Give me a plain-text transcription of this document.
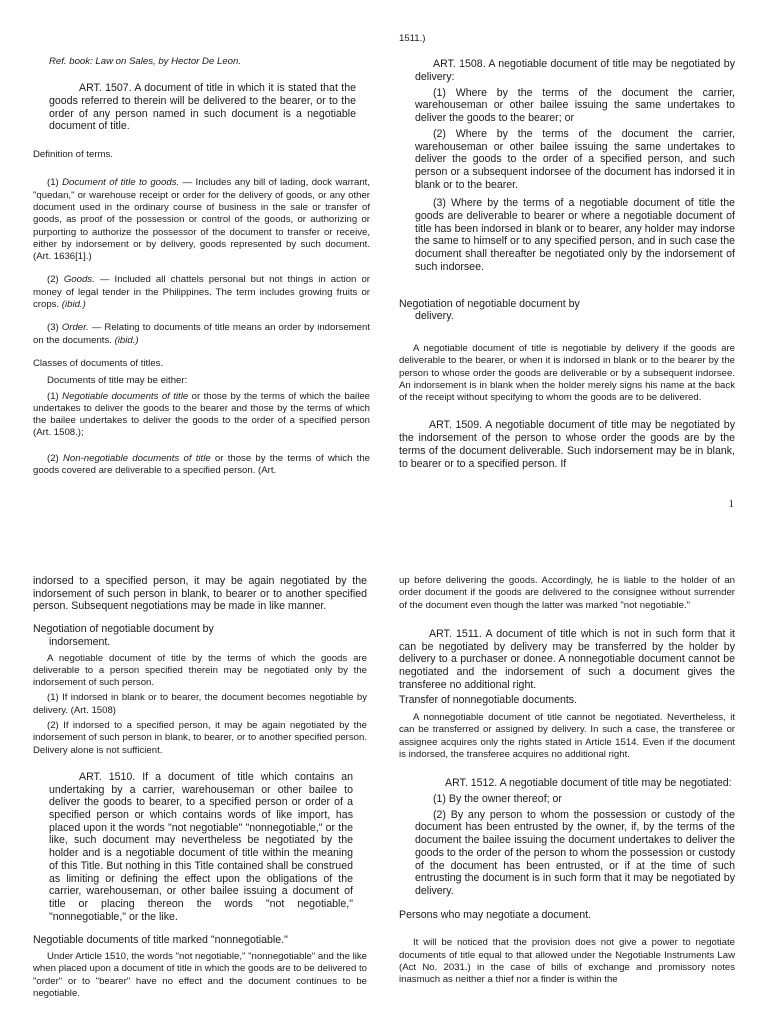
Ref. book: Law on Sales, by Hector De Leon.

ART. 1507. A document of title in which it is stated that the goods referred to therein will be delivered to the bearer, or to the order of any person named in such document is a negotiable document of title.

Definition of terms.

(1) Document of title to goods. — Includes any bill of lading, dock warrant, "quedan," or warehouse receipt or order for the delivery of goods, or any other document used in the ordinary course of business in the sale or transfer of goods, as proof of the possession or control of the goods, or authorizing or purporting to authorize the possessor of the document to transfer or receive, either by indorsement or by delivery, goods represented by such document. (Art. 1636[1].)

(2) Goods. — Included all chattels personal but not things in action or money of legal tender in the Philippines. The term includes growing fruits or crops. (ibid.)

(3) Order. — Relating to documents of title means an order by indorsement on the documents. (ibid.)

Classes of documents of titles.

Documents of title may be either:

(1) Negotiable documents of title or those by the terms of which the bailee undertakes to deliver the goods to the bearer and those by the terms of which the bailee undertakes to deliver the goods to the order of a specified person (Art. 1508.);

(2) Non-negotiable documents of title or those by the terms of which the goods covered are deliverable to a specified person. (Art.

1511.)

ART. 1508. A negotiable document of title may be negotiated by delivery:

(1) Where by the terms of the document the carrier, warehouseman or other bailee issuing the same undertakes to deliver the goods to the bearer; or

(2) Where by the terms of the document the carrier, warehouseman or other bailee issuing the same undertakes to deliver the goods to the order of a specified person, and such person or a subsequent indorsee of the document has indorsed it in blank or to the bearer.

(3) Where by the terms of a negotiable document of title the goods are deliverable to bearer or where a negotiable document of title has been indorsed in blank or to bearer, any holder may indorse the same to himself or to any specified person, and in such case the document shall thereafter be negotiated only by the indorsement of such indorsee.

Negotiation of negotiable document by
delivery.

A negotiable document of title is negotiable by delivery if the goods are deliverable to the bearer, or when it is indorsed in blank or to the bearer by the person to whose order the goods are deliverable or by a subsequent indorsee. An indorsement is in blank when the holder merely signs his name at the back of the receipt without specifying to whom the goods are to be delivered.

ART. 1509. A negotiable document of title may be negotiated by the indorsement of the person to whose order the goods are by the terms of the document deliverable. Such indorsement may be in blank, to bearer or to a specified person. If

1

indorsed to a specified person, it may be again negotiated by the indorsement of such person in blank, to bearer or to another specified person. Subsequent negotiations may be made in like manner.

Negotiation of negotiable document by
indorsement.

A negotiable document of title by the terms of which the goods are deliverable to a person specified therein may be negotiated only by the indorsement of such person.

(1) If indorsed in blank or to bearer, the document becomes negotiable by delivery. (Art. 1508)

(2) If indorsed to a specified person, it may be again negotiated by the indorsement of such person in blank, to bearer, or to another specified person. Delivery alone is not sufficient.

ART. 1510. If a document of title which contains an undertaking by a carrier, warehouseman or other bailee to deliver the goods to bearer, to a specified person or order of a specified person or which contains words of like import, has placed upon it the words "not negotiable" "nonnegotiable," or the like, such document may nevertheless be negotiated by the holder and is a negotiable document of title within the meaning of this Title. But nothing in this Title contained shall be construed as limiting or defining the effect upon the obligations of the carrier, warehouseman, or other bailee issuing a document of title or placing thereon the words "not negotiable," "nonnegotiable," or the like.

Negotiable documents of title marked "nonnegotiable."

Under Article 1510, the words "not negotiable," "nonnegotiable" and the like when placed upon a document of title in which the goods are to be delivered to "order" or to "bearer" have no effect and the document continues to be negotiable.

up before delivering the goods. Accordingly, he is liable to the holder of an order document if the goods are delivered to the consignee without surrender of the document even though the latter was marked "not negotiable."

ART. 1511. A document of title which is not in such form that it can be negotiated by delivery may be transferred by the holder by delivery to a purchaser or donee. A nonnegotiable document cannot be negotiated and the indorsement of such a document gives the transferee no additional right.

Transfer of nonnegotiable documents.

A nonnegotiable document of title cannot be negotiated. Nevertheless, it can be transferred or assigned by delivery. In such a case, the transferee or assignee acquires only the rights stated in Article 1514. Even if the document is indorsed, the transferee acquires no additional right.

ART. 1512. A negotiable document of title may be negotiated:

(1) By the owner thereof; or

(2) By any person to whom the possession or custody of the document has been entrusted by the owner, if, by the terms of the document the bailee issuing the document undertakes to deliver the goods to the order of the person to whom the possession or custody of the document has been entrusted, or if at the time of such entrusting the document is in such form that it may be negotiated by delivery.

Persons who may negotiate a document.

It will be noticed that the provision does not give a power to negotiate documents of title equal to that allowed under the Negotiable Instruments Law (Act No. 2031.) in the case of bills of exchange and promissory notes inasmuch as neither a thief nor a finder is within the
